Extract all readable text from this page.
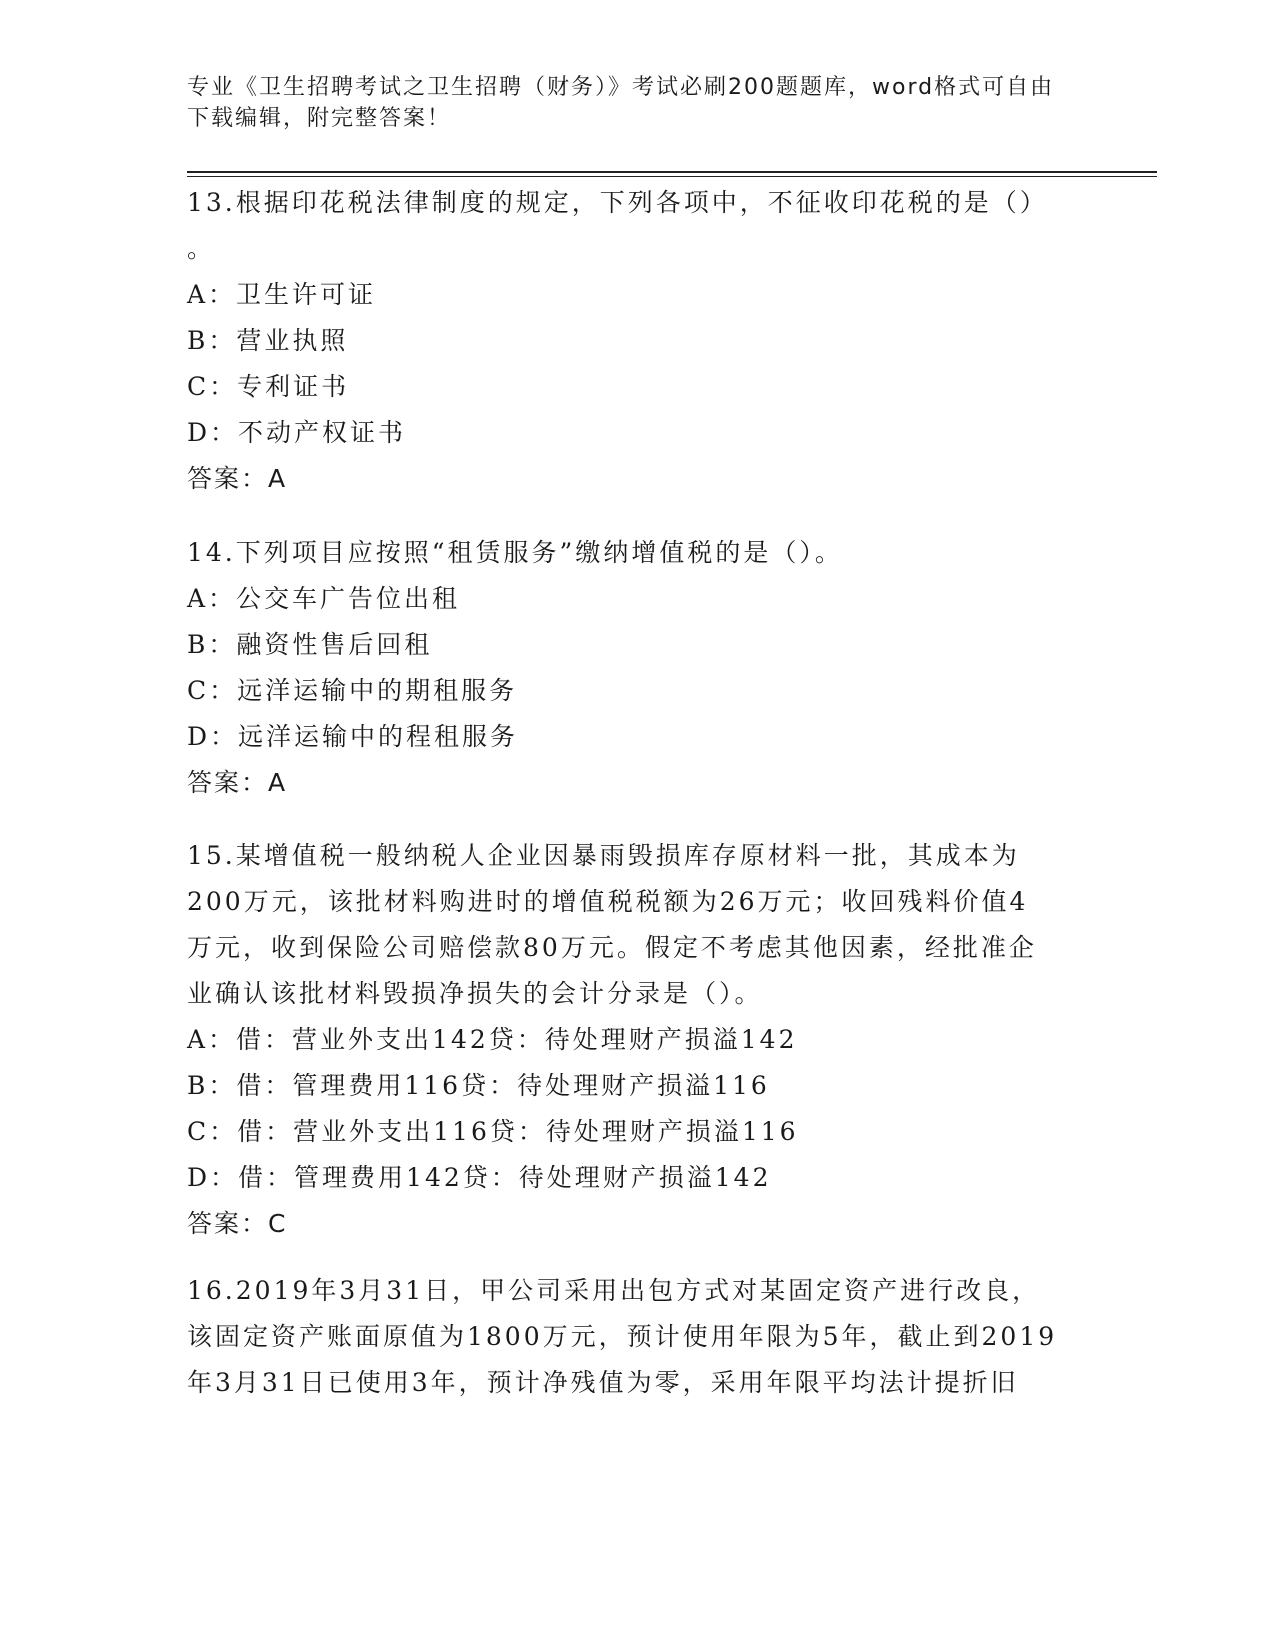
专业《卫生招聘考试之卫生招聘（财务）》考试必刷200题题库，word格式可自由下载编辑，附完整答案！

13.根据印花税法律制度的规定，下列各项中，不征收印花税的是（）

。

A：卫生许可证

B：营业执照

C：专利证书

D：不动产权证书

答案：A

14.下列项目应按照“租赁服务”缴纳增值税的是（）。

A：公交车广告位出租

B：融资性售后回租

C：远洋运输中的期租服务

D：远洋运输中的程租服务

答案：A

15.某增值税一般纳税人企业因暴雨毁损库存原材料一批，其成本为

200万元，该批材料购进时的增值税税额为26万元；收回残料价值4

万元，收到保险公司赔偿款80万元。假定不考虑其他因素，经批准企

业确认该批材料毁损净损失的会计分录是（）。

A：借：营业外支出142贷：待处理财产损溢142

B：借：管理费用116贷：待处理财产损溢116

C：借：营业外支出116贷：待处理财产损溢116

D：借：管理费用142贷：待处理财产损溢142

答案：C

16.2019年3月31日，甲公司采用出包方式对某固定资产进行改良，

该固定资产账面原值为1800万元，预计使用年限为5年，截止到2019

年3月31日已使用3年，预计净残值为零，采用年限平均法计提折旧
